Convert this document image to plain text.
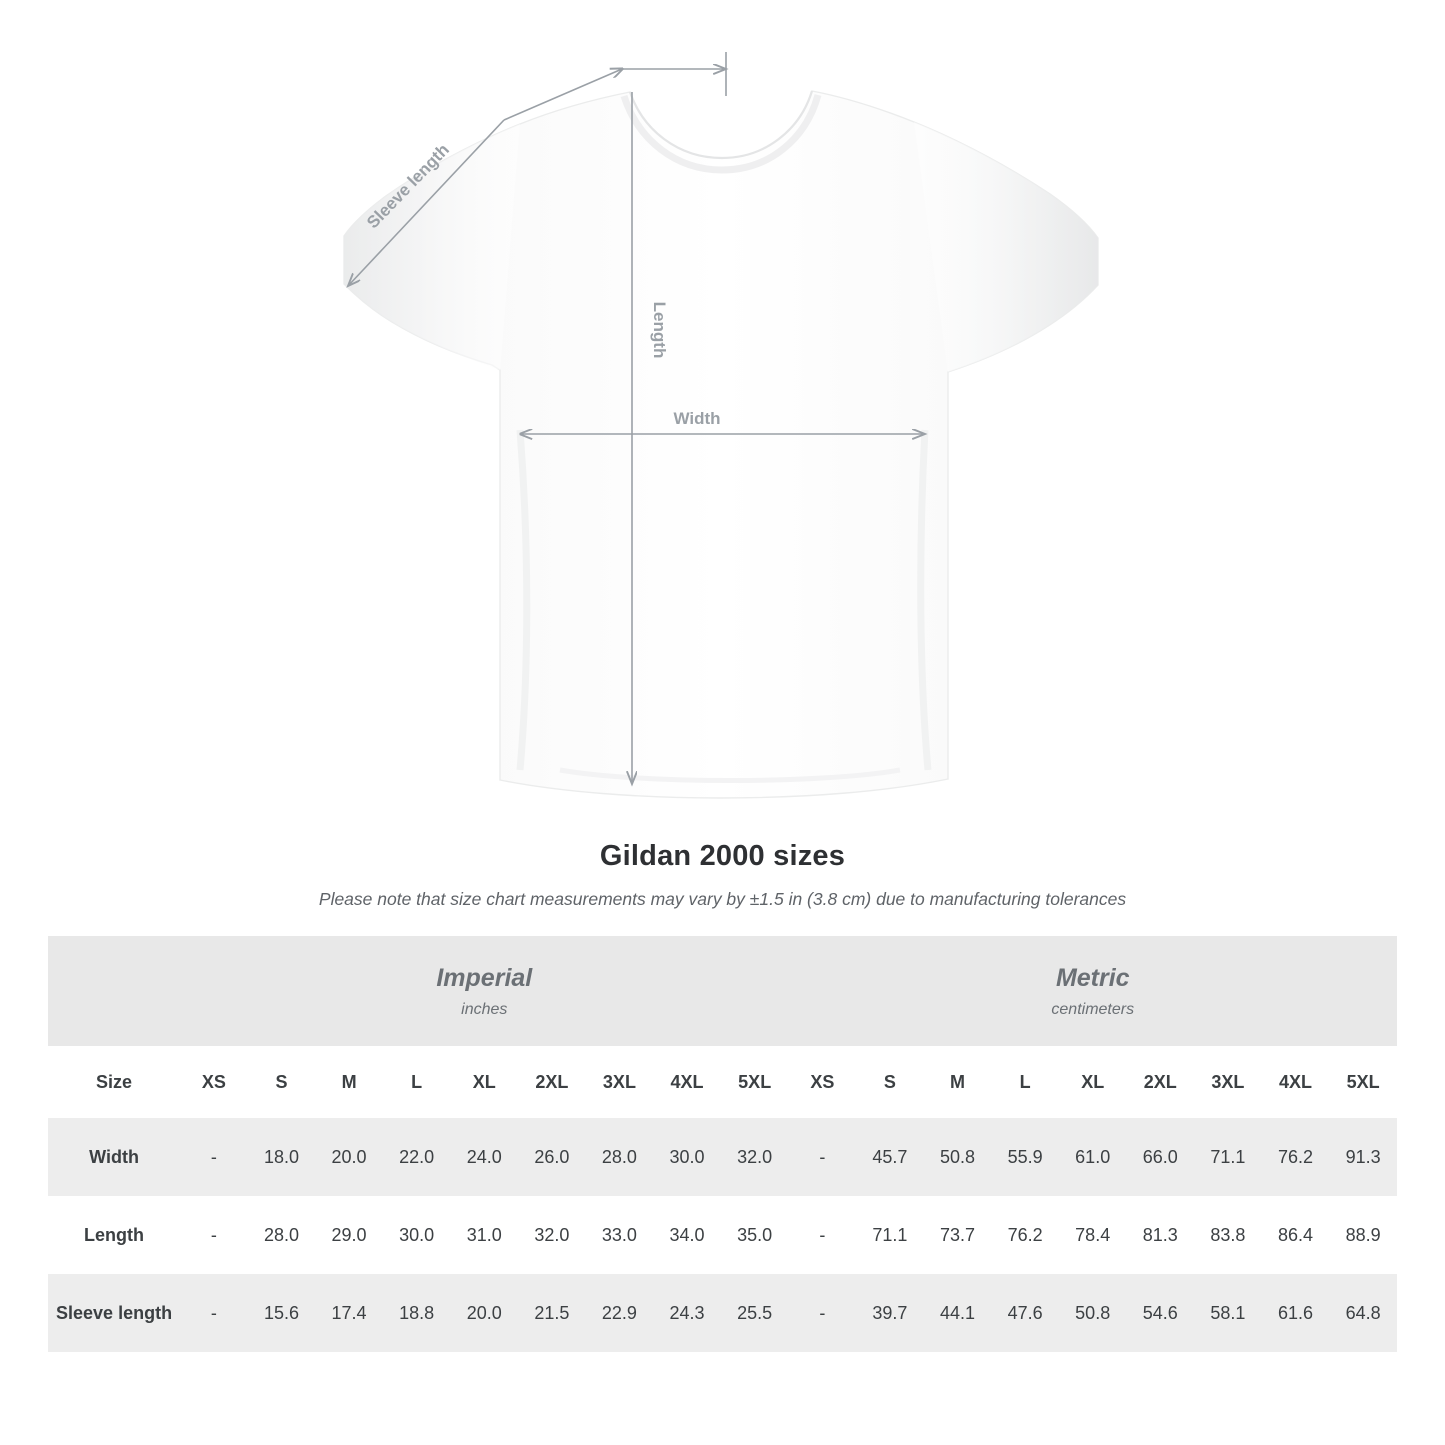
Sleeve length
Length
Width
Gildan 2000 sizes
Please note that size chart measurements may vary by ±1.5 in (3.8 cm) due to manufacturing tolerances

Imperial
inches

Metric
centimeters

Size	XS	S	M	L	XL	2XL	3XL	4XL	5XL	XS	S	M	L	XL	2XL	3XL	4XL	5XL
Width	-	18.0	20.0	22.0	24.0	26.0	28.0	30.0	32.0	-	45.7	50.8	55.9	61.0	66.0	71.1	76.2	91.3
Length	-	28.0	29.0	30.0	31.0	32.0	33.0	34.0	35.0	-	71.1	73.7	76.2	78.4	81.3	83.8	86.4	88.9
Sleeve length	-	15.6	17.4	18.8	20.0	21.5	22.9	24.3	25.5	-	39.7	44.1	47.6	50.8	54.6	58.1	61.6	64.8
